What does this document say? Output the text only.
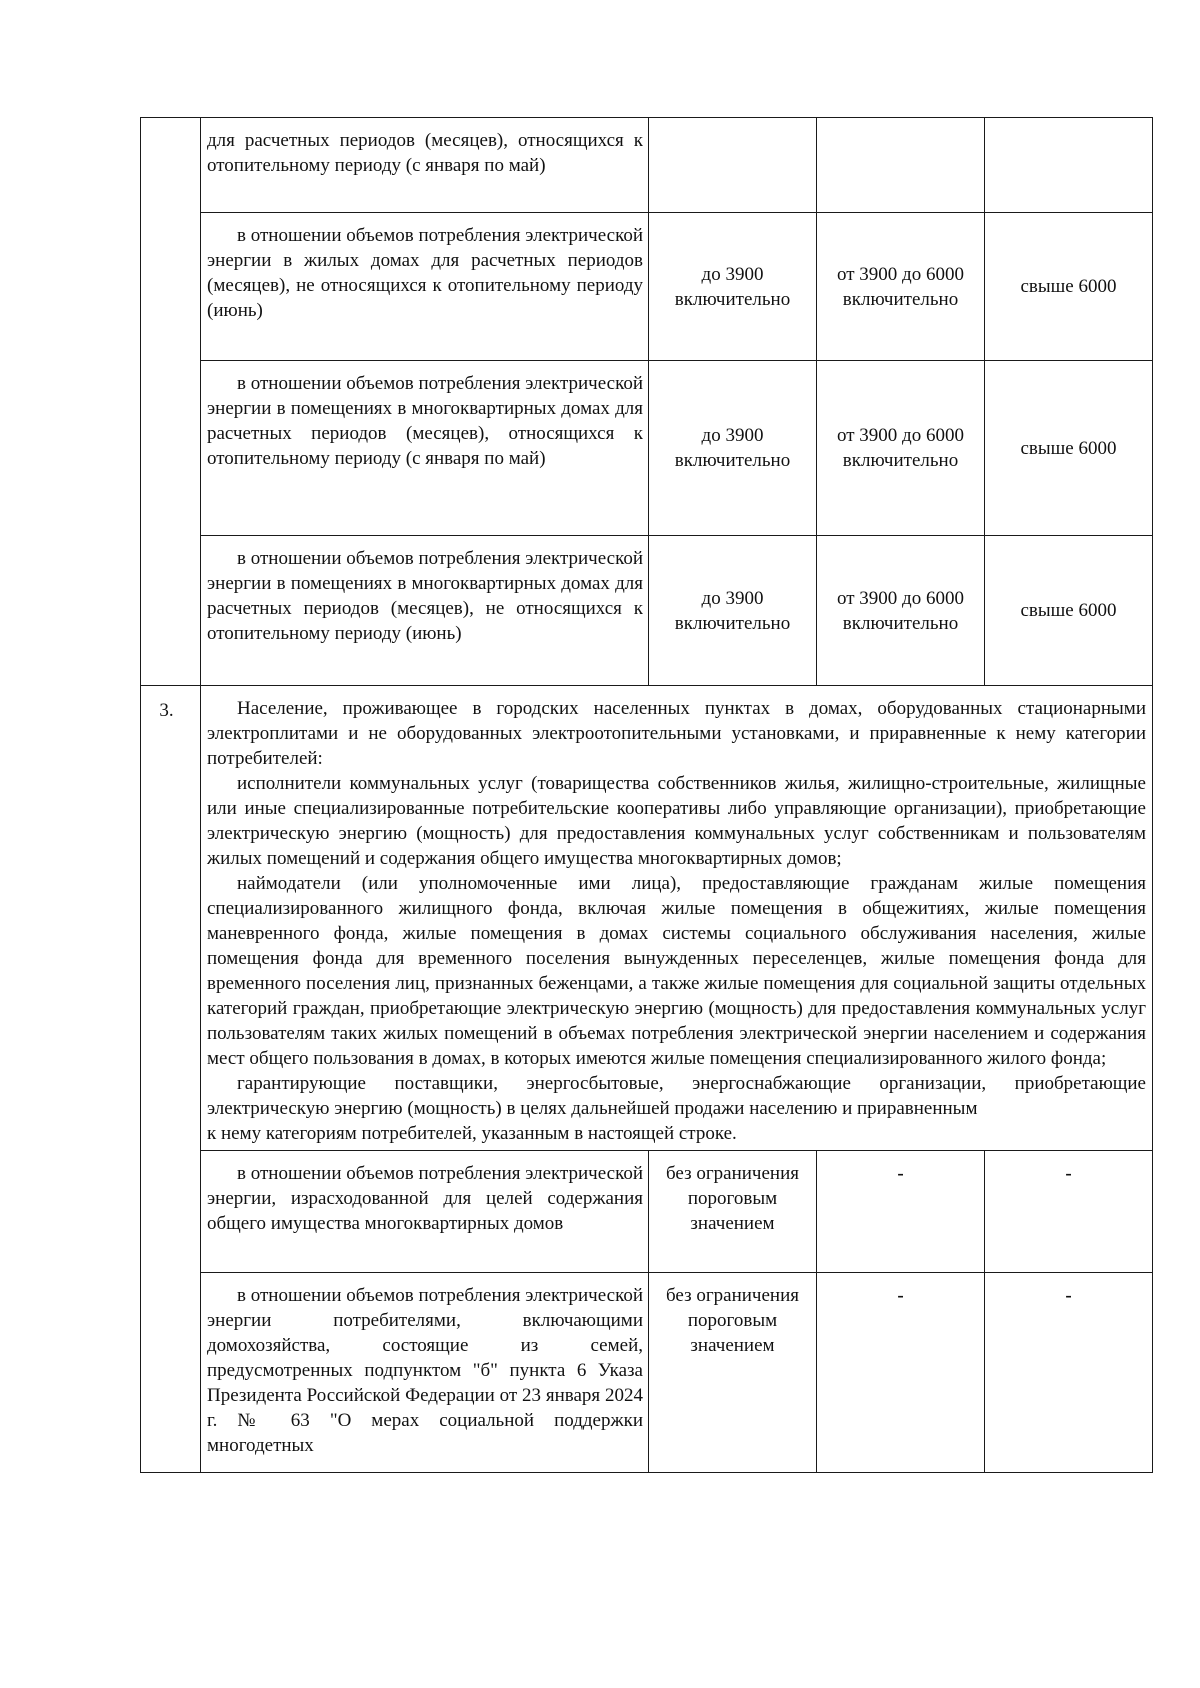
	для расчетных периодов (месяцев), относящихся к отопительному периоду (с января по май)			

	в отношении объемов потребления электрической энергии в жилых домах для расчетных периодов (месяцев), не относящихся к отопительному периоду (июнь)	до 3900 включительно	от 3900 до 6000 включительно	свыше 6000

	в отношении объемов потребления электрической энергии в помещениях в многоквартирных домах для расчетных периодов (месяцев), относящихся к отопительному периоду (с января по май)	до 3900 включительно	от 3900 до 6000 включительно	свыше 6000

	в отношении объемов потребления электрической энергии в помещениях в многоквартирных домах для расчетных периодов (месяцев), не относящихся к отопительному периоду (июнь)	до 3900 включительно	от 3900 до 6000 включительно	свыше 6000

3.	Население, проживающее в городских населенных пунктах в домах, оборудованных стационарными электроплитами и не оборудованных электроотопительными установками, и приравненные к нему категории потребителей:
исполнители коммунальных услуг (товарищества собственников жилья, жилищно-строительные, жилищные или иные специализированные потребительские кооперативы либо управляющие организации), приобретающие электрическую энергию (мощность) для предоставления коммунальных услуг собственникам и пользователям жилых помещений и содержания общего имущества многоквартирных домов;
наймодатели (или уполномоченные ими лица), предоставляющие гражданам жилые помещения специализированного жилищного фонда, включая жилые помещения в общежитиях, жилые помещения маневренного фонда, жилые помещения в домах системы социального обслуживания населения, жилые помещения фонда для временного поселения вынужденных переселенцев, жилые помещения фонда для временного поселения лиц, признанных беженцами, а также жилые помещения для социальной защиты отдельных категорий граждан, приобретающие электрическую энергию (мощность) для предоставления коммунальных услуг пользователям таких жилых помещений в объемах потребления электрической энергии населением и содержания мест общего пользования в домах, в которых имеются жилые помещения специализированного жилого фонда;
гарантирующие поставщики, энергосбытовые, энергоснабжающие организации, приобретающие электрическую энергию (мощность) в целях дальнейшей продажи населению и приравненным
к нему категориям потребителей, указанным в настоящей строке.			

	в отношении объемов потребления электрической энергии, израсходованной для целей содержания общего имущества многоквартирных домов	без ограничения пороговым значением	-	-

	в отношении объемов потребления электрической энергии потребителями, включающими домохозяйства, состоящие из семей, предусмотренных подпунктом "б" пункта 6 Указа Президента Российской Федерации от 23 января 2024 г. № 63 "О мерах социальной поддержки многодетных	без ограничения пороговым значением	-	-
